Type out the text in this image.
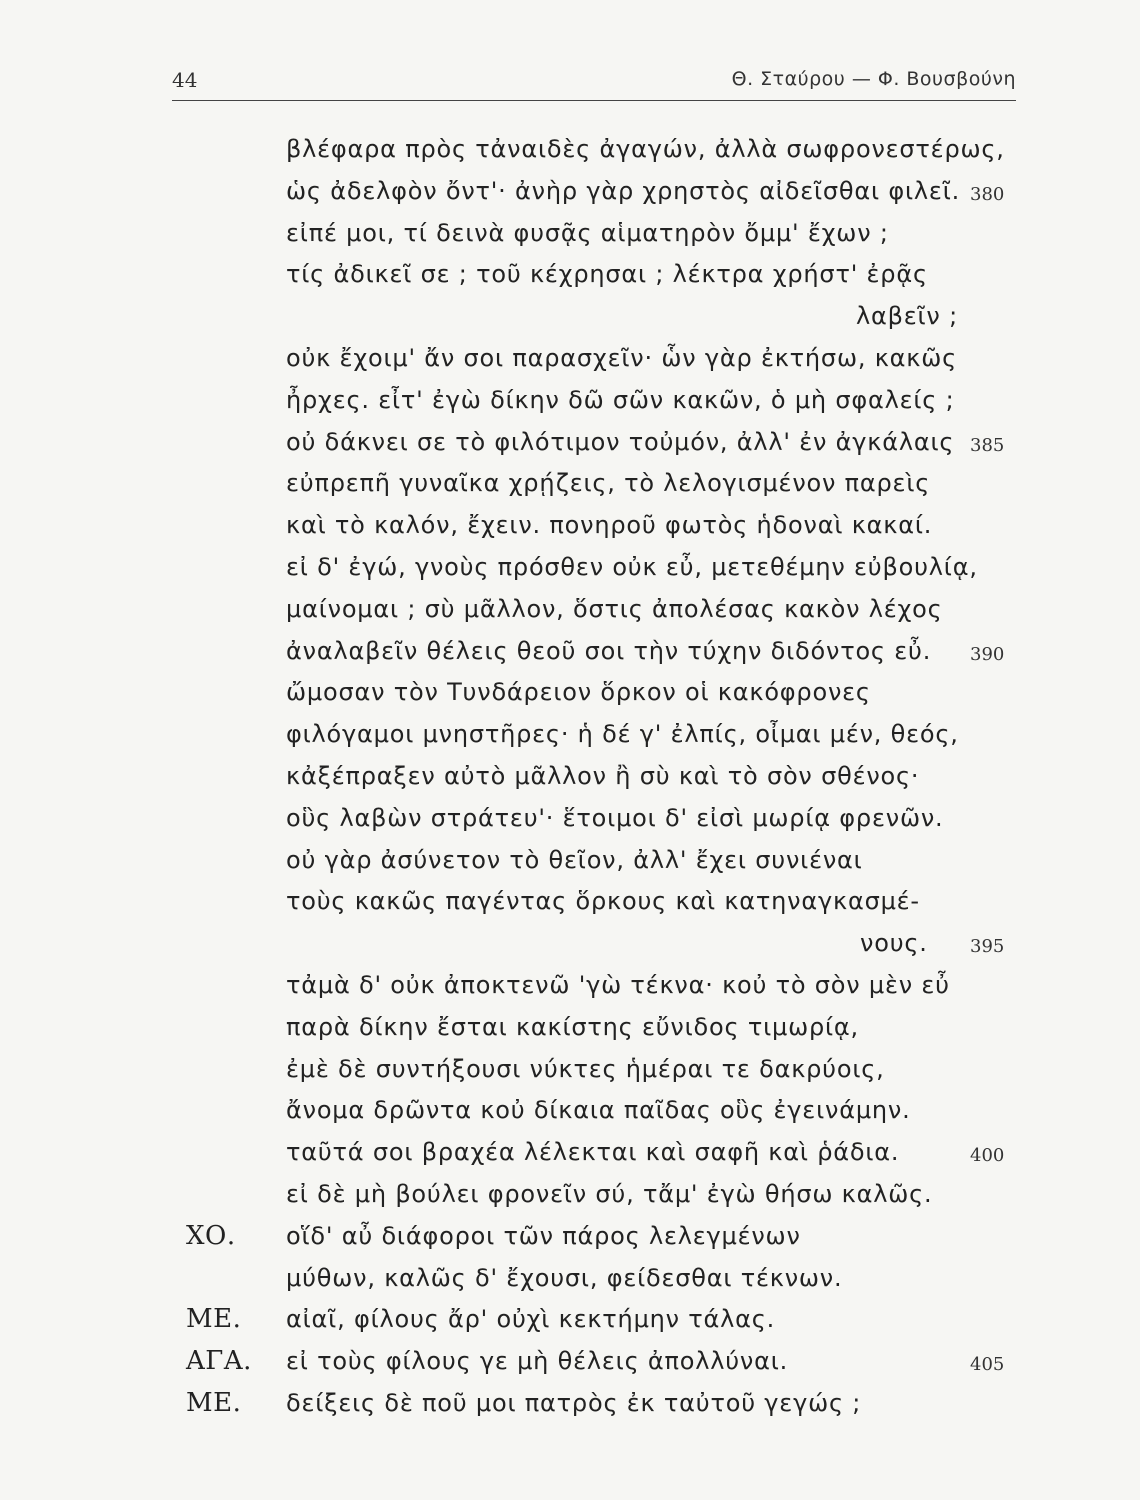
44	Θ. Σταύρου — Φ. Βουσβούνη
βλέφαρα πρὸς τἀναιδὲς ἀγαγών, ἀλλὰ σωφρονεστέρως,
ὡς ἀδελφὸν ὄντ'· ἀνὴρ γὰρ χρηστὸς αἰδεῖσθαι φιλεῖ. 380
εἰπέ μοι, τί δεινὰ φυσᾷς αἱματηρὸν ὄμμ' ἔχων ;
τίς ἀδικεῖ σε ; τοῦ κέχρησαι ; λέκτρα χρήστ' ἐρᾷς
λαβεῖν ;
οὐκ ἔχοιμ' ἄν σοι παρασχεῖν· ὧν γὰρ ἐκτήσω, κακῶς
ἦρχες. εἶτ' ἐγὼ δίκην δῶ σῶν κακῶν, ὁ μὴ σφαλείς ;
οὐ δάκνει σε τὸ φιλότιμον τοὐμόν, ἀλλ' ἐν ἀγκάλαις 385
εὐπρεπῆ γυναῖκα χρῄζεις, τὸ λελογισμένον παρεὶς
καὶ τὸ καλόν, ἔχειν. πονηροῦ φωτὸς ἡδοναὶ κακαί.
εἰ δ' ἐγώ, γνοὺς πρόσθεν οὐκ εὖ, μετεθέμην εὐβουλίᾳ,
μαίνομαι ; σὺ μᾶλλον, ὅστις ἀπολέσας κακὸν λέχος
ἀναλαβεῖν θέλεις θεοῦ σοι τὴν τύχην διδόντος εὖ. 390
ὤμοσαν τὸν Τυνδάρειον ὅρκον οἱ κακόφρονες
φιλόγαμοι μνηστῆρες· ἡ δέ γ' ἐλπίς, οἶμαι μέν, θεός,
κἀξέπραξεν αὐτὸ μᾶλλον ἢ σὺ καὶ τὸ σὸν σθένος·
οὓς λαβὼν στράτευ'· ἕτοιμοι δ' εἰσὶ μωρίᾳ φρενῶν.
οὐ γὰρ ἀσύνετον τὸ θεῖον, ἀλλ' ἔχει συνιέναι
τοὺς κακῶς παγέντας ὅρκους καὶ κατηναγκασμέ-
νους. 395
τἀμὰ δ' οὐκ ἀποκτενῶ 'γὼ τέκνα· κοὐ τὸ σὸν μὲν εὖ
παρὰ δίκην ἔσται κακίστης εὔνιδος τιμωρίᾳ,
ἐμὲ δὲ συντήξουσι νύκτες ἡμέραι τε δακρύοις,
ἄνομα δρῶντα κοὐ δίκαια παῖδας οὓς ἐγεινάμην.
ταῦτά σοι βραχέα λέλεκται καὶ σαφῆ καὶ ῥάδια.	400
εἰ δὲ μὴ βούλει φρονεῖν σύ, τἄμ' ἐγὼ θήσω καλῶς.
ΧΟ. οἵδ' αὖ διάφοροι τῶν πάρος λελεγμένων
μύθων, καλῶς δ' ἔχουσι, φείδεσθαι τέκνων.
ΜΕ. αἰαῖ, φίλους ἄρ' οὐχὶ κεκτήμην τάλας.
ΑΓΑ. εἰ τοὺς φίλους γε μὴ θέλεις ἀπολλύναι.	405
ΜΕ. δείξεις δὲ ποῦ μοι πατρὸς ἐκ ταὐτοῦ γεγώς ;
